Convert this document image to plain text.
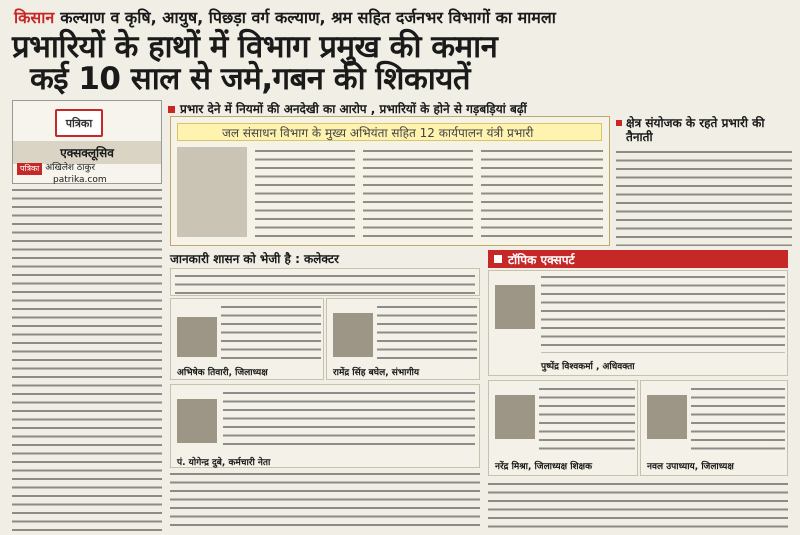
किसान कल्याण व कृषि, आयुष, पिछड़ा वर्ग कल्याण, श्रम सहित दर्जनभर विभागों का मामला
प्रभारियों के हाथों में विभाग प्रमुख की कमान
कई 10 साल से जमे,गबन की शिकायतें
प्रभार देने में नियमों की अनदेखी का आरोप , प्रभारियों के होने से गड़बड़ियां बढ़ीं
पत्रिका
एक्सक्लूसिव
पत्रिका अखिलेश ठाकुर
patrika.com
जल संसाधन विभाग के मुख्य अभियंता सहित 12 कार्यपालन यंत्री प्रभारी
क्षेत्र संयोजक के रहते प्रभारी की तैनाती
जानकारी शासन को भेजी है : कलेक्टर	टॉपिक एक्सपर्ट
अभिषेक तिवारी, जिलाध्यक्ष	रामेंद्र सिंह बघेल, संभागीय
पं. योगेन्द्र दुबे, कर्मचारी नेता
पुष्पेंद्र विश्वकर्मा , अधिवक्ता
नरेंद्र मिश्रा, जिलाध्यक्ष शिक्षक	नवल उपाध्याय, जिलाध्यक्ष
